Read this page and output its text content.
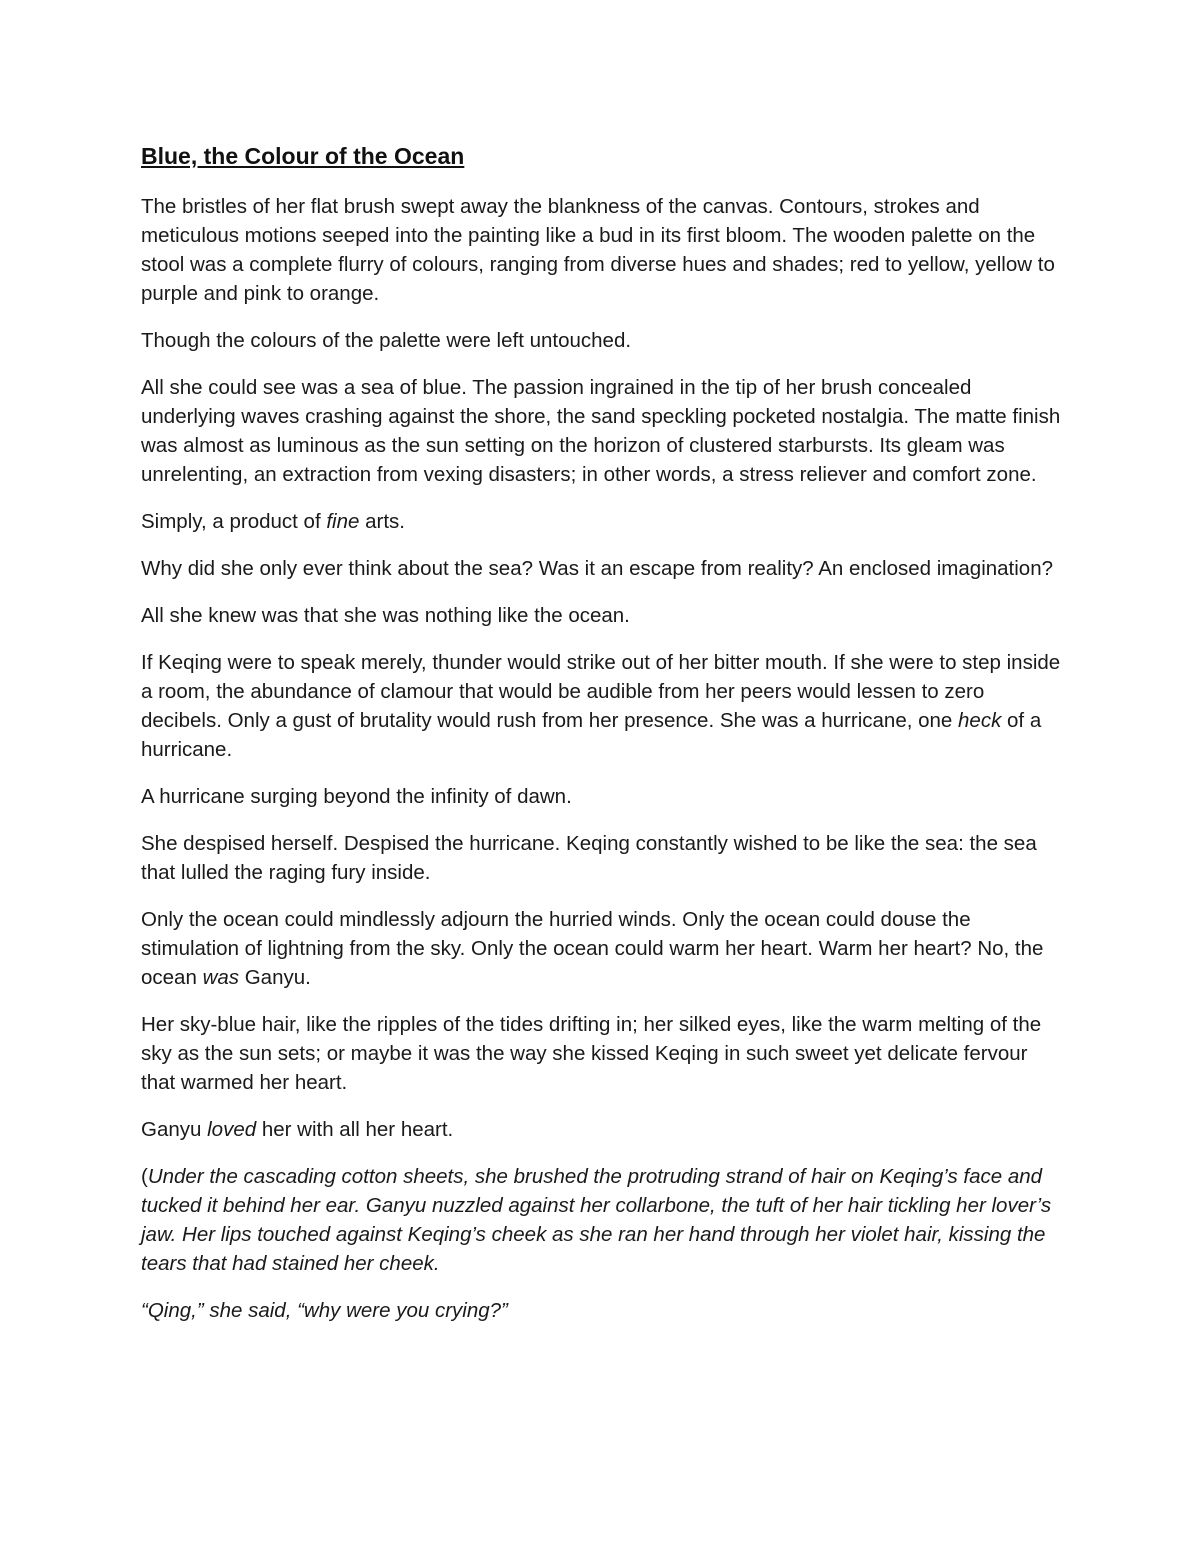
Blue, the Colour of the Ocean

The bristles of her flat brush swept away the blankness of the canvas. Contours, strokes and meticulous motions seeped into the painting like a bud in its first bloom. The wooden palette on the stool was a complete flurry of colours, ranging from diverse hues and shades; red to yellow, yellow to purple and pink to orange.

Though the colours of the palette were left untouched.

All she could see was a sea of blue. The passion ingrained in the tip of her brush concealed underlying waves crashing against the shore, the sand speckling pocketed nostalgia. The matte finish was almost as luminous as the sun setting on the horizon of clustered starbursts. Its gleam was unrelenting, an extraction from vexing disasters; in other words, a stress reliever and comfort zone.

Simply, a product of fine arts.

Why did she only ever think about the sea? Was it an escape from reality? An enclosed imagination?

All she knew was that she was nothing like the ocean.

If Keqing were to speak merely, thunder would strike out of her bitter mouth. If she were to step inside a room, the abundance of clamour that would be audible from her peers would lessen to zero decibels. Only a gust of brutality would rush from her presence. She was a hurricane, one heck of a hurricane.

A hurricane surging beyond the infinity of dawn.

She despised herself. Despised the hurricane. Keqing constantly wished to be like the sea: the sea that lulled the raging fury inside.

Only the ocean could mindlessly adjourn the hurried winds. Only the ocean could douse the stimulation of lightning from the sky. Only the ocean could warm her heart. Warm her heart? No, the ocean was Ganyu.

Her sky-blue hair, like the ripples of the tides drifting in; her silked eyes, like the warm melting of the sky as the sun sets; or maybe it was the way she kissed Keqing in such sweet yet delicate fervour that warmed her heart.

Ganyu loved her with all her heart.

(Under the cascading cotton sheets, she brushed the protruding strand of hair on Keqing’s face and tucked it behind her ear. Ganyu nuzzled against her collarbone, the tuft of her hair tickling her lover’s jaw. Her lips touched against Keqing’s cheek as she ran her hand through her violet hair, kissing the tears that had stained her cheek.

“Qing,” she said, “why were you crying?”
